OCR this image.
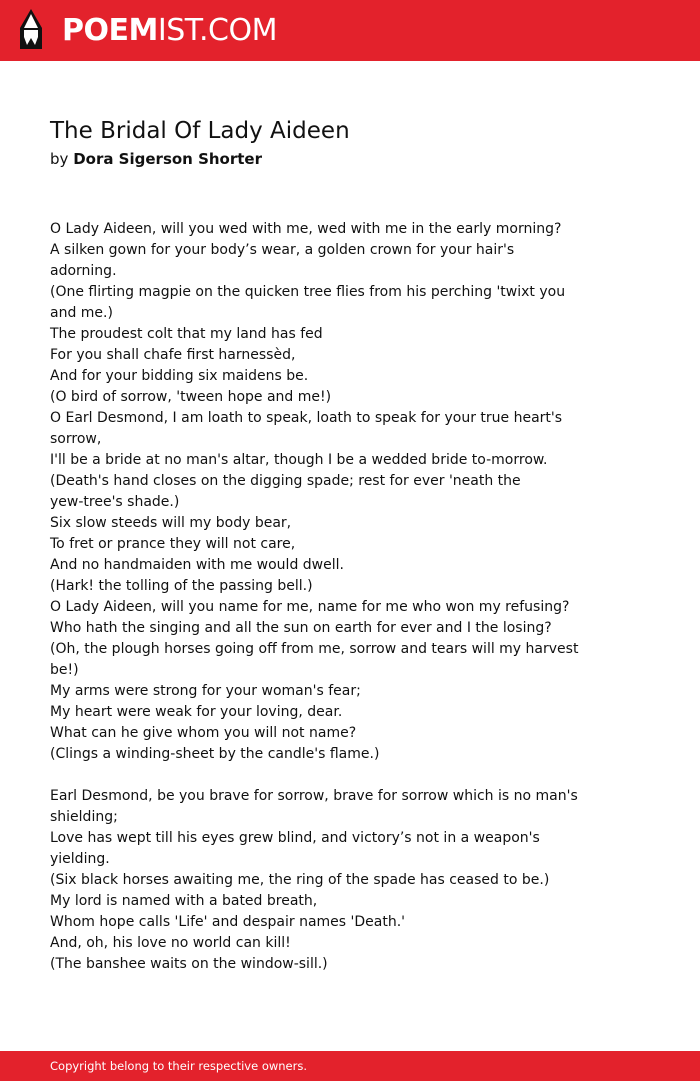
POEMIST.COM
The Bridal Of Lady Aideen
by Dora Sigerson Shorter
O Lady Aideen, will you wed with me, wed with me in the early morning?
A silken gown for your body’s wear, a golden crown for your hair's
adorning.
(One flirting magpie on the quicken tree flies from his perching 'twixt you
and me.)
The proudest colt that my land has fed
For you shall chafe first harnessèd,
And for your bidding six maidens be.
(O bird of sorrow, 'tween hope and me!)
O Earl Desmond, I am loath to speak, loath to speak for your true heart's
sorrow,
I'll be a bride at no man's altar, though I be a wedded bride to-morrow.
(Death's hand closes on the digging spade; rest for ever 'neath the
yew-tree's shade.)
Six slow steeds will my body bear,
To fret or prance they will not care,
And no handmaiden with me would dwell.
(Hark! the tolling of the passing bell.)
O Lady Aideen, will you name for me, name for me who won my refusing?
Who hath the singing and all the sun on earth for ever and I the losing?
(Oh, the plough horses going off from me, sorrow and tears will my harvest
be!)
My arms were strong for your woman's fear;
My heart were weak for your loving, dear.
What can he give whom you will not name?
(Clings a winding-sheet by the candle's flame.)
Earl Desmond, be you brave for sorrow, brave for sorrow which is no man's
shielding;
Love has wept till his eyes grew blind, and victory’s not in a weapon's
yielding.
(Six black horses awaiting me, the ring of the spade has ceased to be.)
My lord is named with a bated breath,
Whom hope calls 'Life' and despair names 'Death.'
And, oh, his love no world can kill!
(The banshee waits on the window-sill.)
Copyright belong to their respective owners.
